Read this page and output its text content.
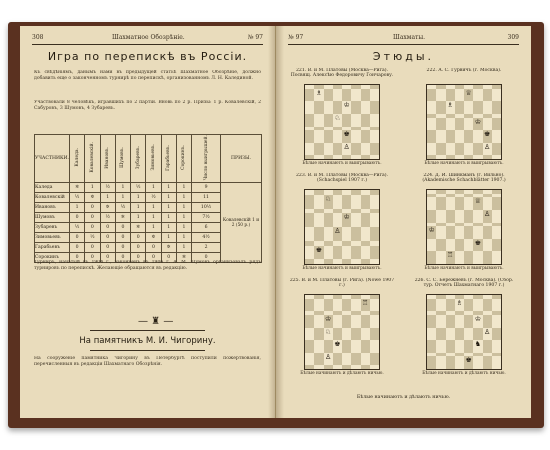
308	Шахматное Обозрѣніе.	№ 97
Игра по перепискѣ въ Россіи.
Къ свѣдѣніямъ, данымъ нами въ предыдущей статьѣ Шахматное Обозрѣніе, должно добавить еще о законченномъ турнирѣ по перепискѣ, организованномъ Л. Н. Калединой.
Участвовали 8 человѣкъ, игравшихъ по 2 партіи. Вновь по 2 р. Призы: 1 р. Ковалевскій, 2 Сабуровъ, 3 Шумовъ, 4 Зубаревъ.
УЧАСТНИКИ.	Каледа.	Ковалевскій.	Ивановъ.	Шумовъ.	Зубаревъ.	Зимовьевъ.	Гарабьевъ.	Сорокинъ.	Число выигрышей.	ПРИЗЫ.
Каледа	✲	1	½	1	½	1	1	1	9	Ковалевскій 1 и 2 (50 р.)
Ковалевскій	½	✲	1	1	1	½	1	1	11	
Ивановъ	1	0	✲	½	1	1	1	1	10½	
Шумовъ	0	0	½	✲	1	1	1	1	7½	
Зубаревъ	½	0	0	0	✲	1	1	1	6	
Зимовьевъ	0	½	0	0	0	✲	1	1	4½	
Гарабьевъ	0	0	0	0	0	0	✲	1	2	
Сорокинъ	0	0	0	0	0	0	0	✲	0	
Турниръ, начатый въ 1904 г., законченъ въ 1906 г. А. М. Шумовъ организовалъ рядъ турнировъ по перепискѣ. Желающіе обращаются въ редакцію.
— ♜ —
На памятникъ М. И. Чигорину.
На сооруженіе памятника Чигорину въ Петербургѣ поступили пожертвованія, перечисленныя въ редакціи Шахматнаго Обозрѣнія.
№ 97	Шахматы.	309
Этюды.
221. В. и М. Платовы (Москва—Рига). Посвящ. Алексѣю Федоровичу Гончарову.
♗
♔
♘
♚
♙
Бѣлые начинаютъ и выигрываютъ.
222. А. С. Гурвичъ (г. Москва).
♕
♗
♔
♚
♙
Бѣлые начинаютъ и выигрываютъ.
223. В. и М. Платовы (Москва—Рига). (Schachspiel 1907 г.)
♘
♔
♙
♚
Бѣлые начинаютъ и выигрываютъ.
224. Д. И. Шинкманъ (г. Вильно). (Akademische Schachblätter 1907.)
♕
♙
♔
♚
♖
Бѣлые начинаютъ и выигрываютъ.
225. В. и М. Платовы (г. Рига). (Nowe 1907 г.)
♖
♔
♘
♚
♙
Бѣлые начинаютъ и дѣлаютъ ничью.
226. С. С. Бережнёвъ (г. Москва). (Сбор. тур. Отчетъ Шахматнаго 1907 г.)
♗
♔
♙
♞
♚
Бѣлые начинаютъ и дѣлаютъ ничью.
Бѣлые начинаютъ и дѣлаютъ ничью.
